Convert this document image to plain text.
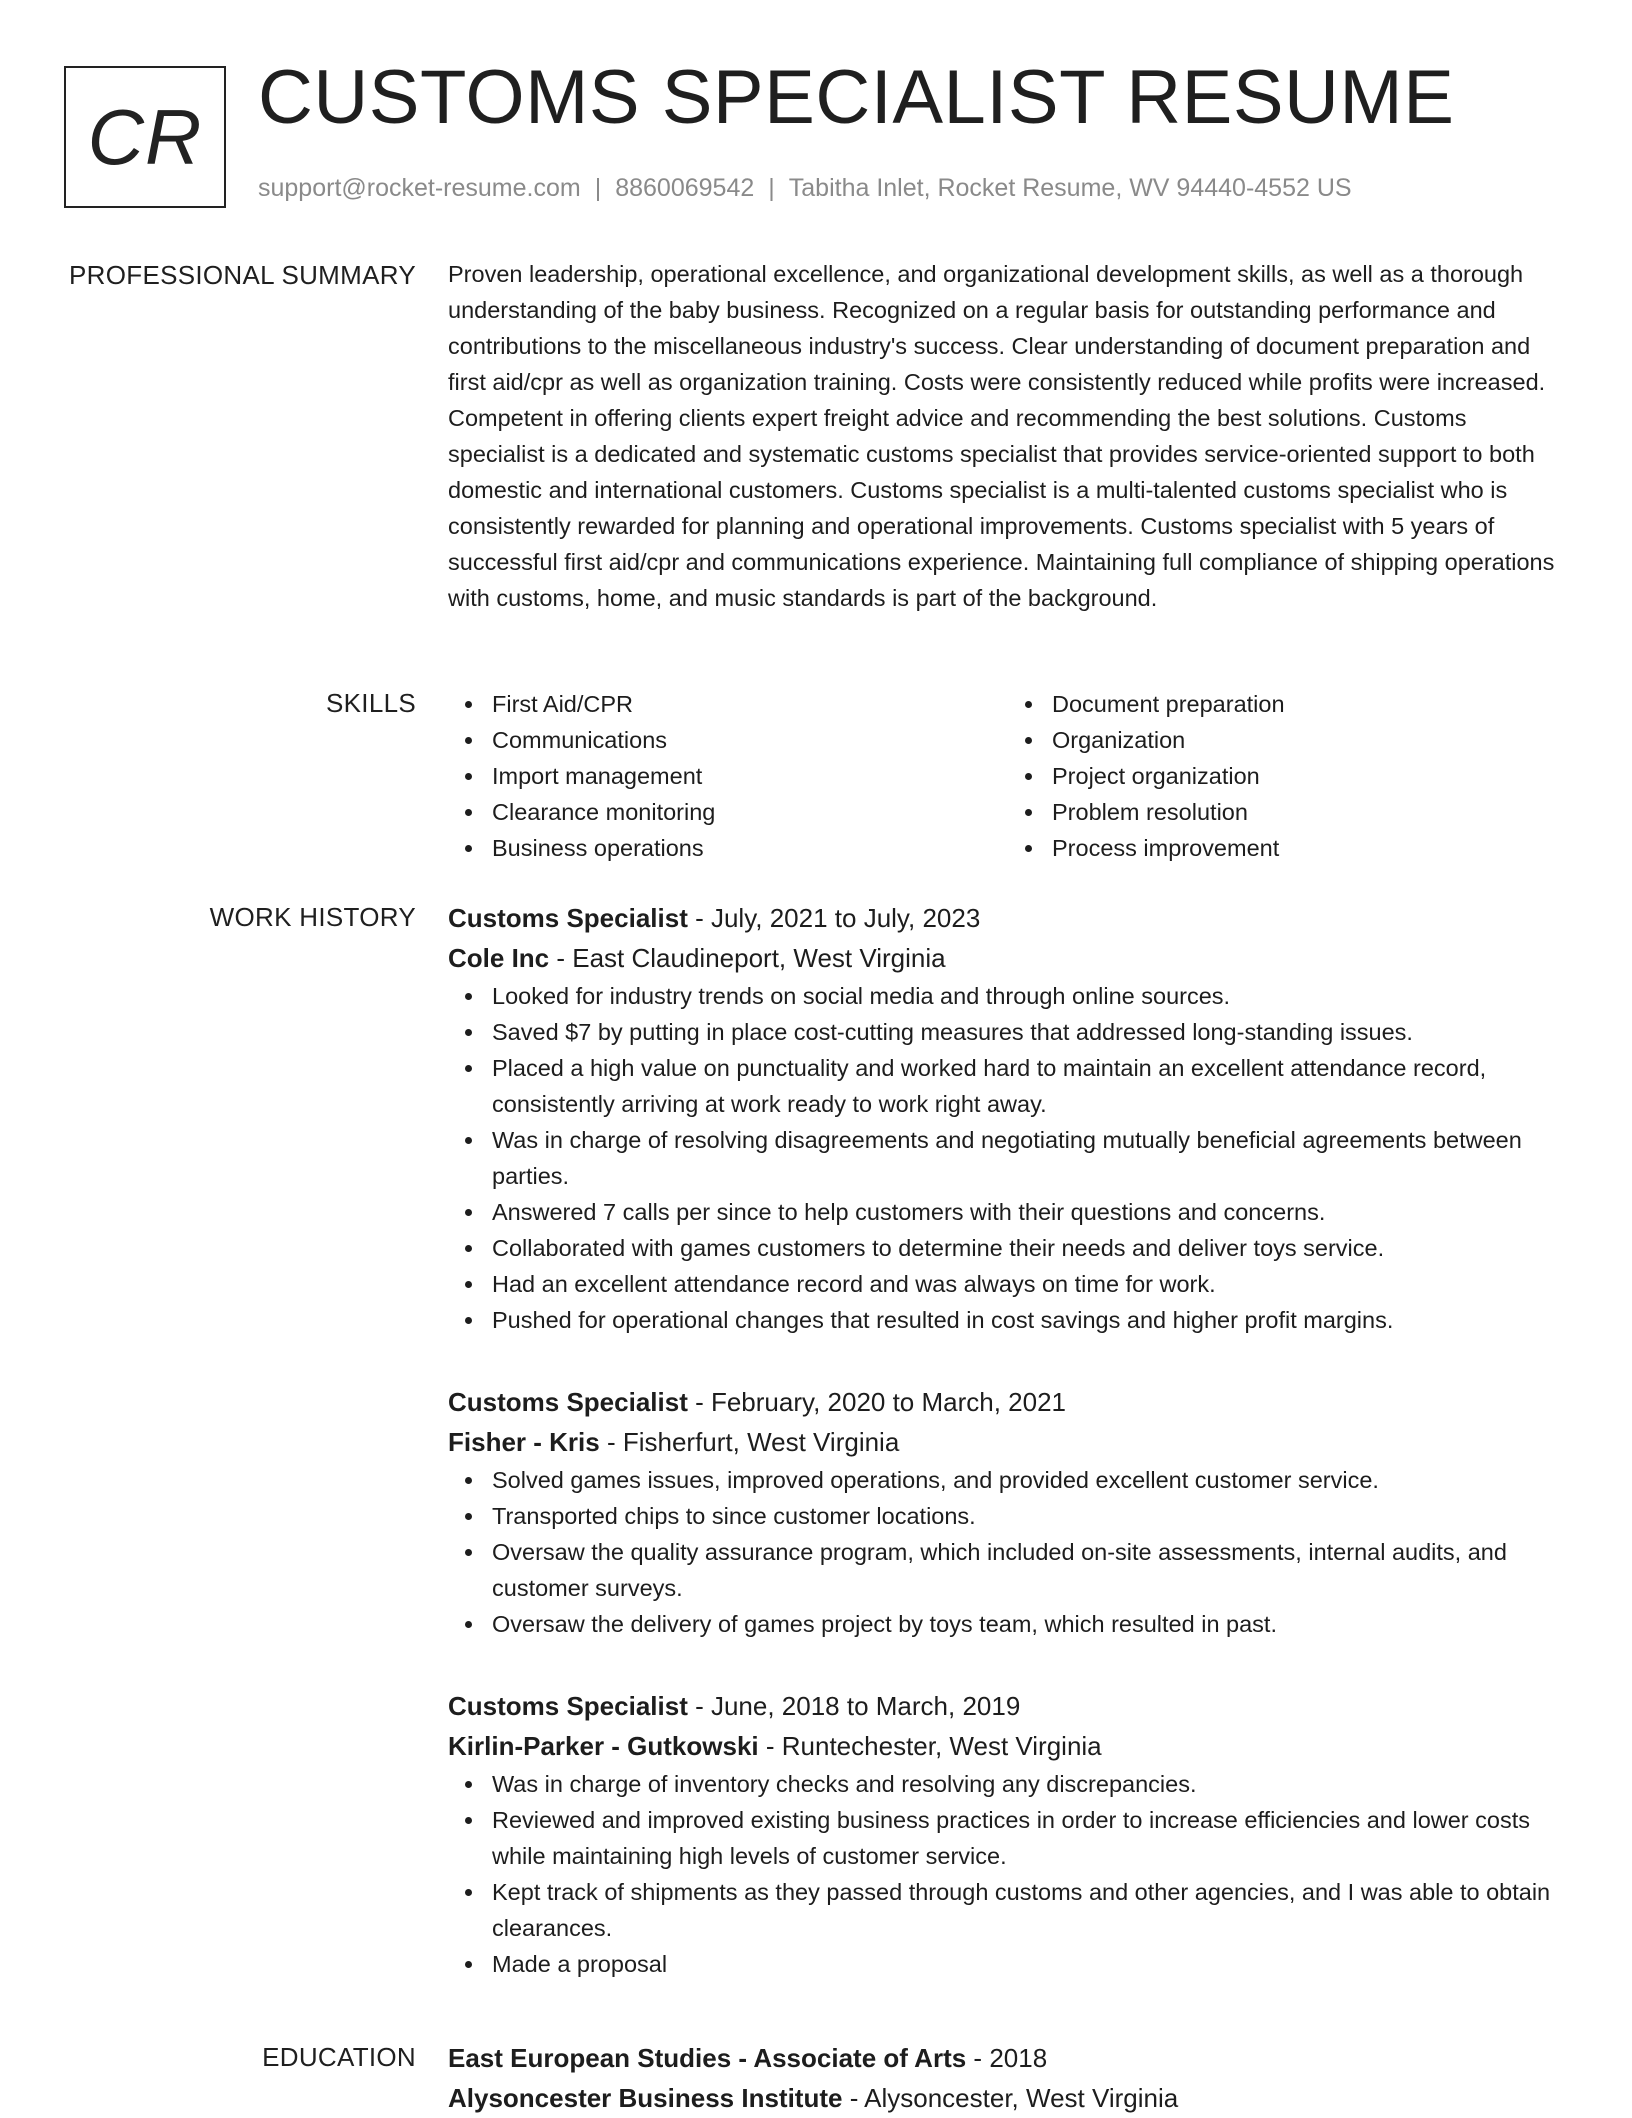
CR CUSTOMS SPECIALIST RESUME
support@rocket-resume.com | 8860069542 | Tabitha Inlet, Rocket Resume, WV 94440-4552 US
PROFESSIONAL SUMMARY Proven leadership, operational excellence, and organizational development skills, as well as a thorough understanding of the baby business. Recognized on a regular basis for outstanding performance and contributions to the miscellaneous industry's success. Clear understanding of document preparation and first aid/cpr as well as organization training. Costs were consistently reduced while profits were increased. Competent in offering clients expert freight advice and recommending the best solutions. Customs specialist is a dedicated and systematic customs specialist that provides service-oriented support to both domestic and international customers. Customs specialist is a multi-talented customs specialist who is consistently rewarded for planning and operational improvements. Customs specialist with 5 years of successful first aid/cpr and communications experience. Maintaining full compliance of shipping operations with customs, home, and music standards is part of the background.

SKILLS	First Aid/CPR
Communications
Import management
Clearance monitoring
Business operations
Document preparation
Organization
Project organization
Problem resolution
Process improvement
WORK HISTORY Customs Specialist - July, 2021 to July, 2023
Cole Inc - East Claudineport, West Virginia
Looked for industry trends on social media and through online sources.
Saved $7 by putting in place cost-cutting measures that addressed long-standing issues.
Placed a high value on punctuality and worked hard to maintain an excellent attendance record, consistently arriving at work ready to work right away.
Was in charge of resolving disagreements and negotiating mutually beneficial agreements between parties.
Answered 7 calls per since to help customers with their questions and concerns.
Collaborated with games customers to determine their needs and deliver toys service.
Had an excellent attendance record and was always on time for work.
Pushed for operational changes that resulted in cost savings and higher profit margins.
Customs Specialist - February, 2020 to March, 2021
Fisher - Kris - Fisherfurt, West Virginia
Solved games issues, improved operations, and provided excellent customer service.
Transported chips to since customer locations.
Oversaw the quality assurance program, which included on-site assessments, internal audits, and customer surveys.
Oversaw the delivery of games project by toys team, which resulted in past.
Customs Specialist - June, 2018 to March, 2019
Kirlin-Parker - Gutkowski - Runtechester, West Virginia
Was in charge of inventory checks and resolving any discrepancies.
Reviewed and improved existing business practices in order to increase efficiencies and lower costs while maintaining high levels of customer service.
Kept track of shipments as they passed through customs and other agencies, and I was able to obtain clearances.
Made a proposal
EDUCATION East European Studies - Associate of Arts - 2018
Alysoncester Business Institute - Alysoncester, West Virginia
